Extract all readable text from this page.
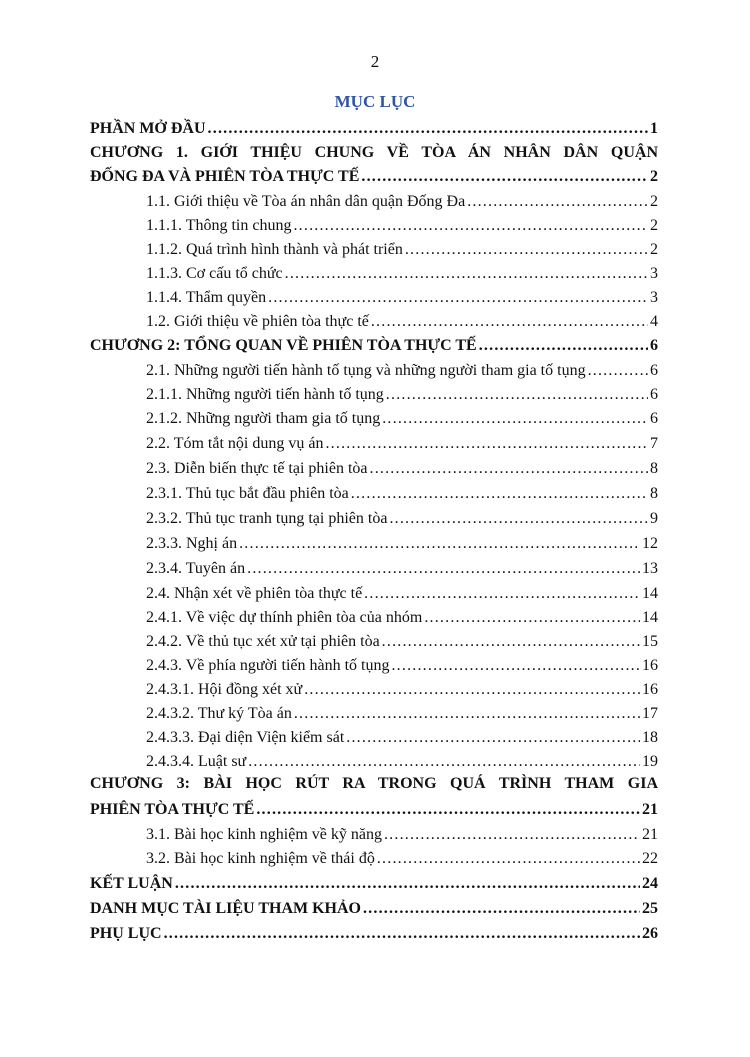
2
MỤC LỤC
PHẦN MỞ ĐẦU .....	1
CHƯƠNG 1. GIỚI THIỆU CHUNG VỀ TÒA ÁN NHÂN DÂN QUẬN
ĐỐNG ĐA VÀ PHIÊN TÒA THỰC TẾ .....	2
1.1. Giới thiệu về Tòa án nhân dân quận Đống Đa .....	2
1.1.1. Thông tin chung .....	2
1.1.2. Quá trình hình thành và phát triển .....	2
1.1.3. Cơ cấu tổ chức .....	3
1.1.4. Thẩm quyền .....	3
1.2. Giới thiệu về phiên tòa thực tế .....	4
CHƯƠNG 2: TỔNG QUAN VỀ PHIÊN TÒA THỰC TẾ .....	6
2.1. Những người tiến hành tố tụng và những người tham gia tố tụng .....	6
2.1.1. Những người tiến hành tố tụng .....	6
2.1.2. Những người tham gia tố tụng .....	6
2.2. Tóm tắt nội dung vụ án .....	7
2.3. Diễn biến thực tế tại phiên tòa .....	8
2.3.1. Thủ tục bắt đầu phiên tòa .....	8
2.3.2. Thủ tục tranh tụng tại phiên tòa .....	9
2.3.3. Nghị án .....	12
2.3.4. Tuyên án .....	13
2.4. Nhận xét về phiên tòa thực tế .....	14
2.4.1. Về việc dự thính phiên tòa của nhóm .....	14
2.4.2. Về thủ tục xét xử tại phiên tòa .....	15
2.4.3. Về phía người tiến hành tố tụng .....	16
2.4.3.1. Hội đồng xét xử .....	16
2.4.3.2. Thư ký Tòa án .....	17
2.4.3.3. Đại diện Viện kiểm sát .....	18
2.4.3.4. Luật sư .....	19
CHƯƠNG 3: BÀI HỌC RÚT RA TRONG QUÁ TRÌNH THAM GIA
PHIÊN TÒA THỰC TẾ .....	21
3.1. Bài học kinh nghiệm về kỹ năng .....	21
3.2. Bài học kinh nghiệm về thái độ .....	22
KẾT LUẬN .....	24
DANH MỤC TÀI LIỆU THAM KHẢO .....	25
PHỤ LỤC .....	26
